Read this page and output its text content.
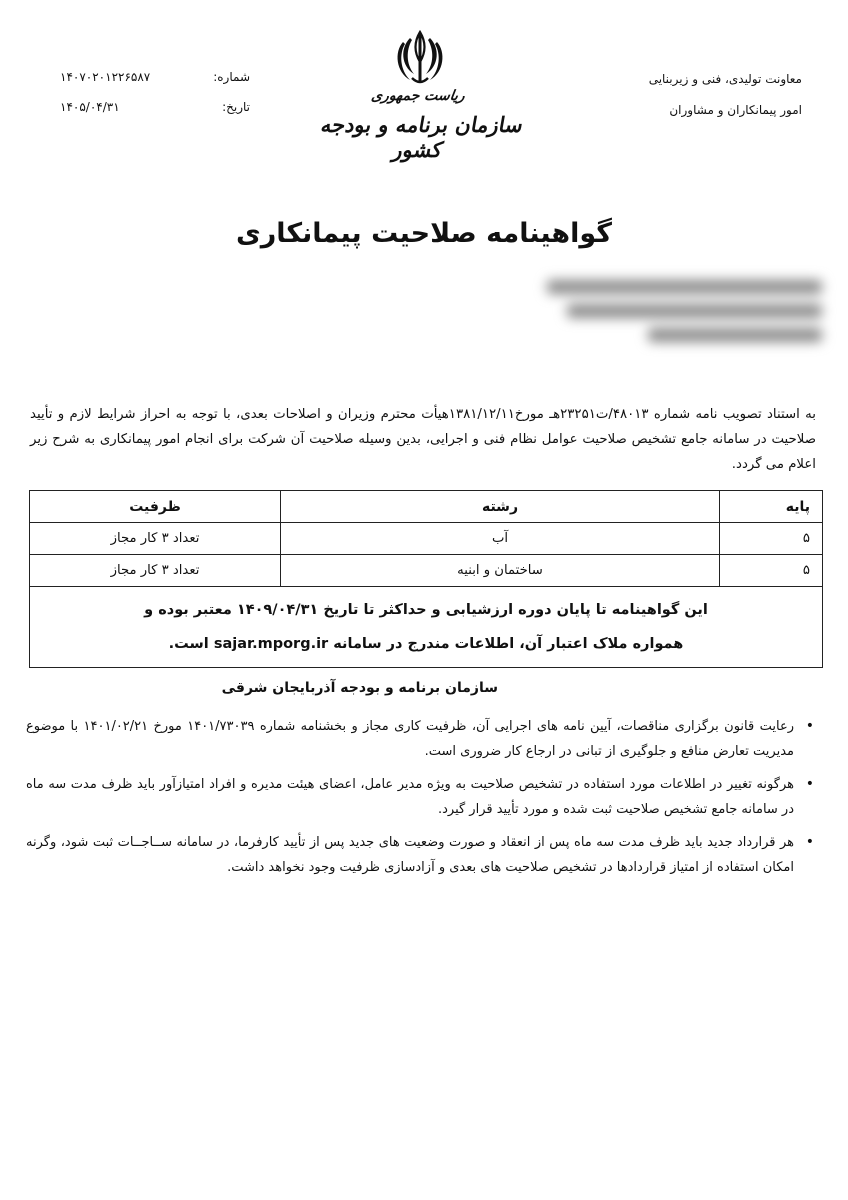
معاونت تولیدی، فنی و زیربنایی
امور پیمانکاران و مشاوران
ریاست جمهوری
سازمان برنامه و بودجه کشور
شماره:
۱۴۰۷۰۲۰۱۲۲۶۵۸۷
تاریخ:
۱۴۰۵/۰۴/۳۱
گواهینامه صلاحیت پیمانکاری
به استناد تصویب نامه شماره ۴۸۰۱۳/ت۲۳۲۵۱هـ مورخ۱۳۸۱/۱۲/۱۱هیأت محترم وزیران و اصلاحات بعدی، با توجه به احراز شرایط لازم و تأیید صلاحیت در سامانه جامع تشخیص صلاحیت عوامل نظام فنی و اجرایی، بدین وسیله صلاحیت آن شرکت برای انجام امور پیمانکاری به شرح زیر اعلام می گردد.
پایه	رشته	ظرفیت
۵	آب	تعداد ۳ کار مجاز
۵	ساختمان و ابنیه	تعداد ۳ کار مجاز

این گواهینامه تا پایان دوره ارزشیابی و حداکثر تا تاریخ ۱۴۰۹/۰۴/۳۱ معتبر بوده و
همواره ملاک اعتبار آن، اطلاعات مندرج در سامانه sajar.mporg.ir است.		
سازمان برنامه و بودجه آذربایجان شرقی
•
رعایت قانون برگزاری مناقصات، آیین نامه های اجرایی آن، ظرفیت کاری مجاز و بخشنامه شماره ۱۴۰۱/۷۳۰۳۹ مورخ ۱۴۰۱/۰۲/۲۱ با موضوع مدیریت تعارض منافع و جلوگیری از تبانی در ارجاع کار ضروری است.
•
هرگونه تغییر در اطلاعات مورد استفاده در تشخیص صلاحیت به ویژه مدیر عامل، اعضای هیئت مدیره و افراد امتیازآور باید ظرف مدت سه ماه در سامانه جامع تشخیص صلاحیت ثبت شده و مورد تأیید قرار گیرد.
•
هر قرارداد جدید باید ظرف مدت سه ماه پس از انعقاد و صورت وضعیت های جدید پس از تأیید کارفرما، در سامانه ســاجــات ثبت شود، وگرنه امکان استفاده از امتیاز قراردادها در تشخیص صلاحیت های بعدی و آزادسازی ظرفیت وجود نخواهد داشت.
